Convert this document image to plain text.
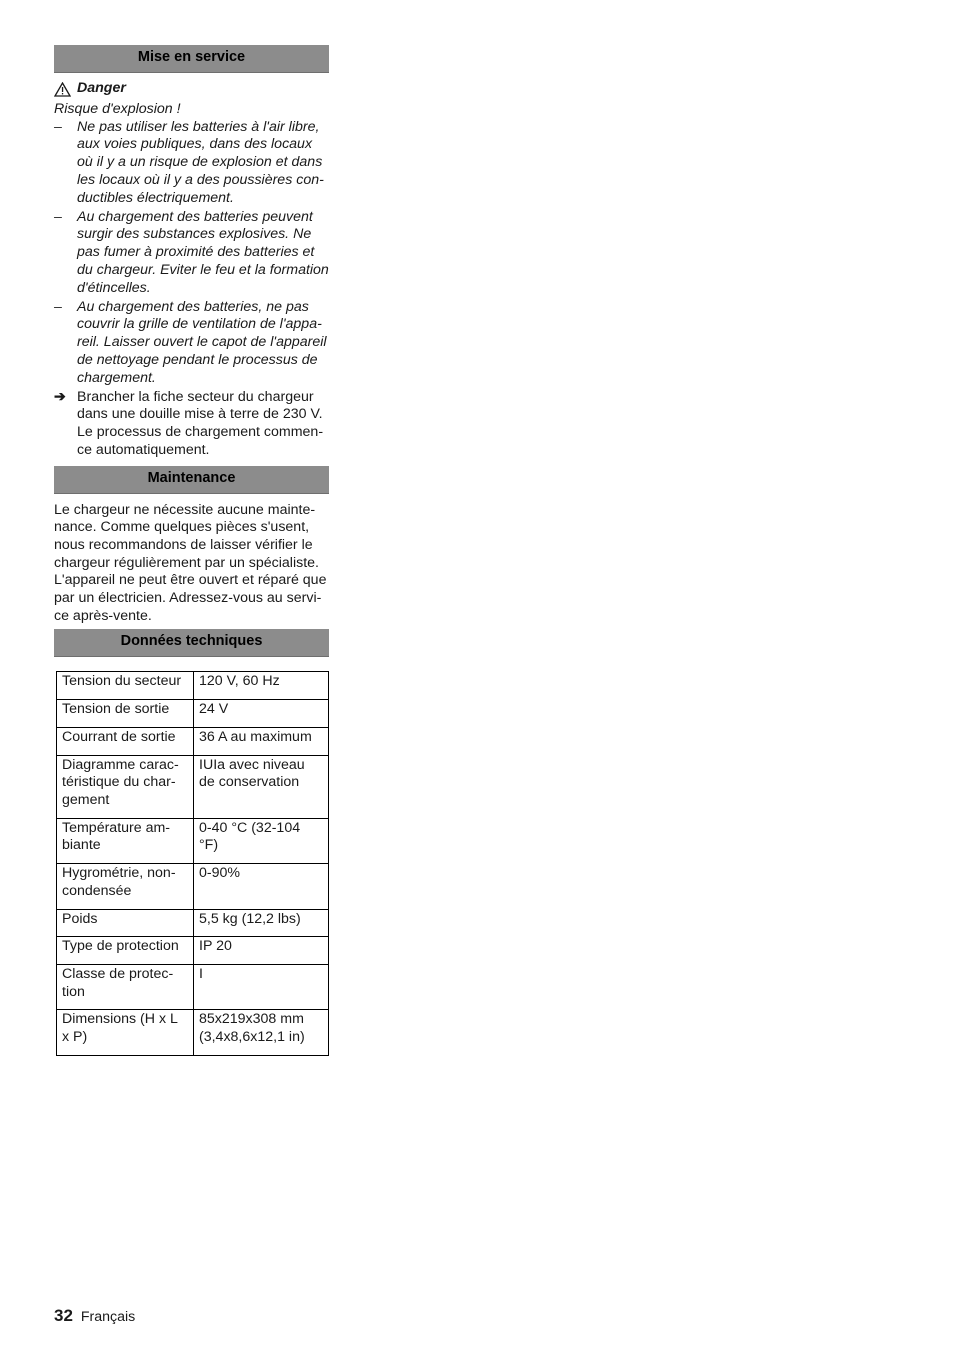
Mise en service
Danger
Risque d'explosion !
– Ne pas utiliser les batteries à l'air libre, aux voies publiques, dans des locaux où il y a un risque de explosion et dans les locaux où il y a des poussières conductibles électriquement.
– Au chargement des batteries peuvent surgir des substances explosives. Ne pas fumer à proximité des batteries et du chargeur. Eviter le feu et la formation d'étincelles.
– Au chargement des batteries, ne pas couvrir la grille de ventilation de l'appareil. Laisser ouvert le capot de l'appareil de nettoyage pendant le processus de chargement.
➔ Brancher la fiche secteur du chargeur dans une douille mise à terre de 230 V. Le processus de chargement commence automatiquement.
Maintenance
Le chargeur ne nécessite aucune maintenance. Comme quelques pièces s'usent, nous recommandons de laisser vérifier le chargeur régulièrement par un spécialiste. L'appareil ne peut être ouvert et réparé que par un électricien. Adressez-vous au service après-vente.
Données techniques
Tension du secteur	120 V, 60 Hz
Tension de sortie	24 V
Courrant de sortie	36 A au maximum
Diagramme caractéristique du chargement	IUIa avec niveau de conservation
Température ambiante	0-40 °C (32-104 °F)
Hygrométrie, non-condensée	0-90%
Poids	5,5 kg (12,2 lbs)
Type de protection	IP 20
Classe de protection	I
Dimensions (H x L x P)	85x219x308 mm (3,4x8,6x12,1 in)
32 Français
